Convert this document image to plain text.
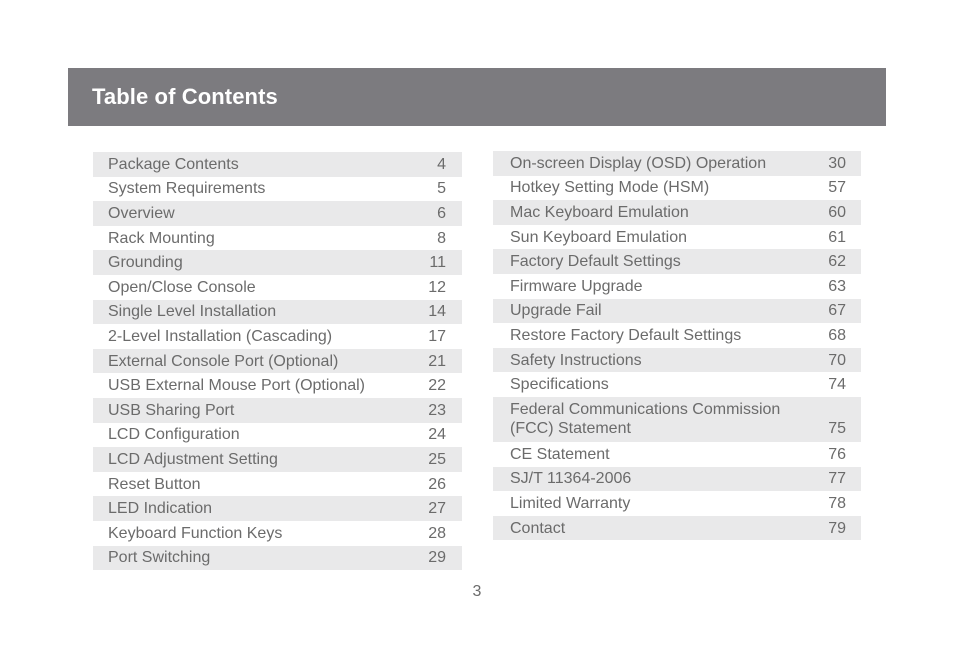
Table of Contents
Package Contents	4
System Requirements	5
Overview	6
Rack Mounting	8
Grounding	11
Open/Close Console	12
Single Level Installation	14
2-Level Installation (Cascading)	17
External Console Port (Optional)	21
USB External Mouse Port (Optional)	22
USB Sharing Port	23
LCD Configuration	24
LCD Adjustment Setting	25
Reset Button	26
LED Indication	27
Keyboard Function Keys	28
Port Switching	29
On-screen Display (OSD) Operation	30
Hotkey Setting Mode (HSM)	57
Mac Keyboard Emulation	60
Sun Keyboard Emulation	61
Factory Default Settings	62
Firmware Upgrade	63
Upgrade Fail	67
Restore Factory Default Settings	68
Safety Instructions	70
Specifications	74
Federal Communications Commission (FCC) Statement	75
CE Statement	76
SJ/T 11364-2006	77
Limited Warranty	78
Contact	79
3
